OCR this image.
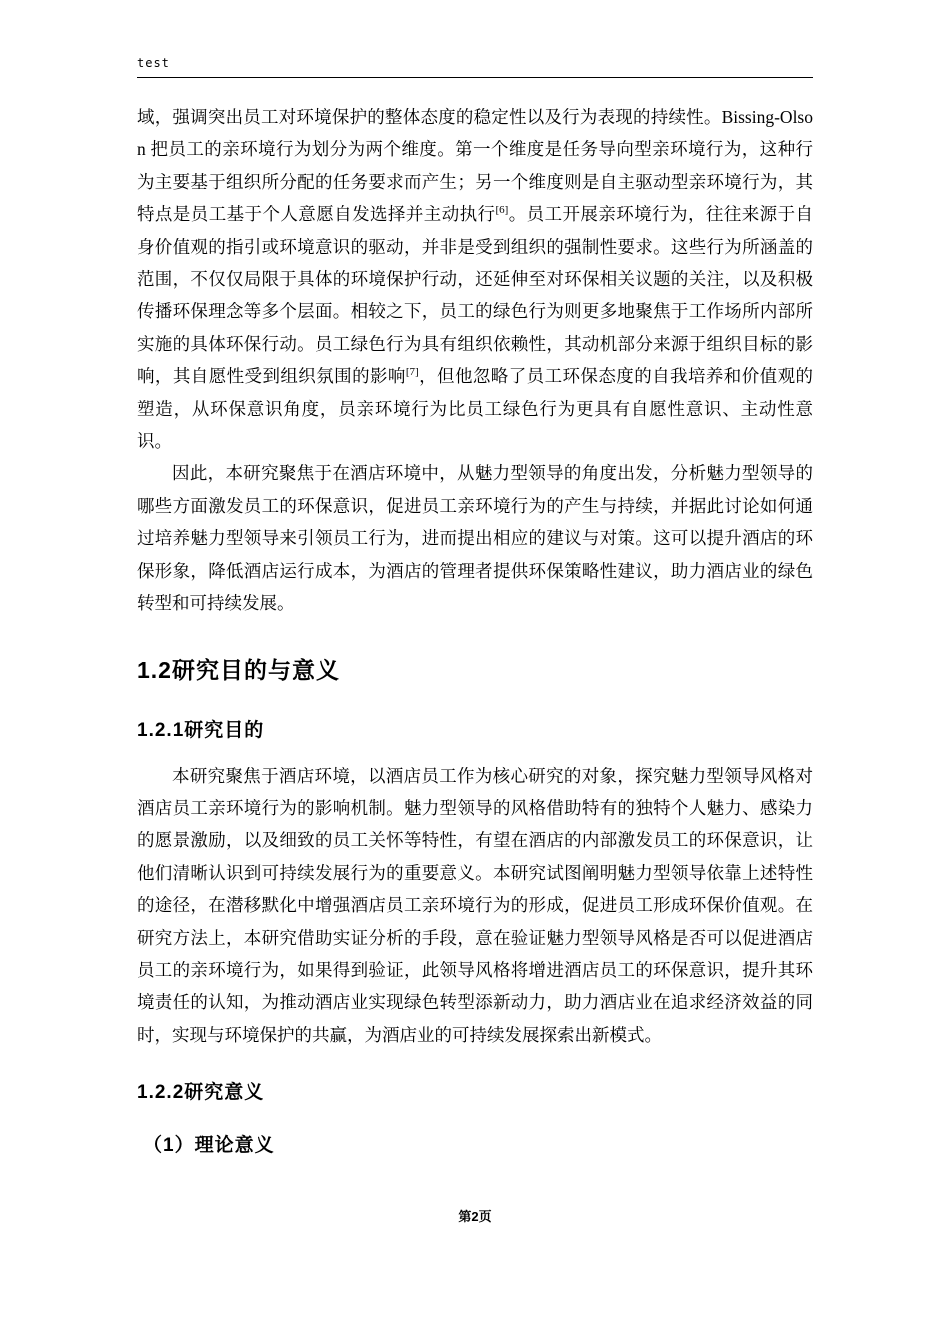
test

域，强调突出员工对环境保护的整体态度的稳定性以及行为表现的持续性。Bissing-Olson 把员工的亲环境行为划分为两个维度。第一个维度是任务导向型亲环境行为，这种行为主要基于组织所分配的任务要求而产生；另一个维度则是自主驱动型亲环境行为，其特点是员工基于个人意愿自发选择并主动执行[6]。员工开展亲环境行为，往往来源于自身价值观的指引或环境意识的驱动，并非是受到组织的强制性要求。这些行为所涵盖的范围，不仅仅局限于具体的环境保护行动，还延伸至对环保相关议题的关注，以及积极传播环保理念等多个层面。相较之下，员工的绿色行为则更多地聚焦于工作场所内部所实施的具体环保行动。员工绿色行为具有组织依赖性，其动机部分来源于组织目标的影响，其自愿性受到组织氛围的影响[7]，但他忽略了员工环保态度的自我培养和价值观的塑造，从环保意识角度，员亲环境行为比员工绿色行为更具有自愿性意识、主动性意识。

因此，本研究聚焦于在酒店环境中，从魅力型领导的角度出发，分析魅力型领导的哪些方面激发员工的环保意识，促进员工亲环境行为的产生与持续，并据此讨论如何通过培养魅力型领导来引领员工行为，进而提出相应的建议与对策。这可以提升酒店的环保形象，降低酒店运行成本，为酒店的管理者提供环保策略性建议，助力酒店业的绿色转型和可持续发展。

1.2研究目的与意义
1.2.1研究目的

本研究聚焦于酒店环境，以酒店员工作为核心研究的对象，探究魅力型领导风格对酒店员工亲环境行为的影响机制。魅力型领导的风格借助特有的独特个人魅力、感染力的愿景激励，以及细致的员工关怀等特性，有望在酒店的内部激发员工的环保意识，让他们清晰认识到可持续发展行为的重要意义。本研究试图阐明魅力型领导依靠上述特性的途径，在潜移默化中增强酒店员工亲环境行为的形成，促进员工形成环保价值观。在研究方法上，本研究借助实证分析的手段，意在验证魅力型领导风格是否可以促进酒店员工的亲环境行为，如果得到验证，此领导风格将增进酒店员工的环保意识，提升其环境责任的认知，为推动酒店业实现绿色转型添新动力，助力酒店业在追求经济效益的同时，实现与环境保护的共赢，为酒店业的可持续发展探索出新模式。

1.2.2研究意义
（1）理论意义
第2页
